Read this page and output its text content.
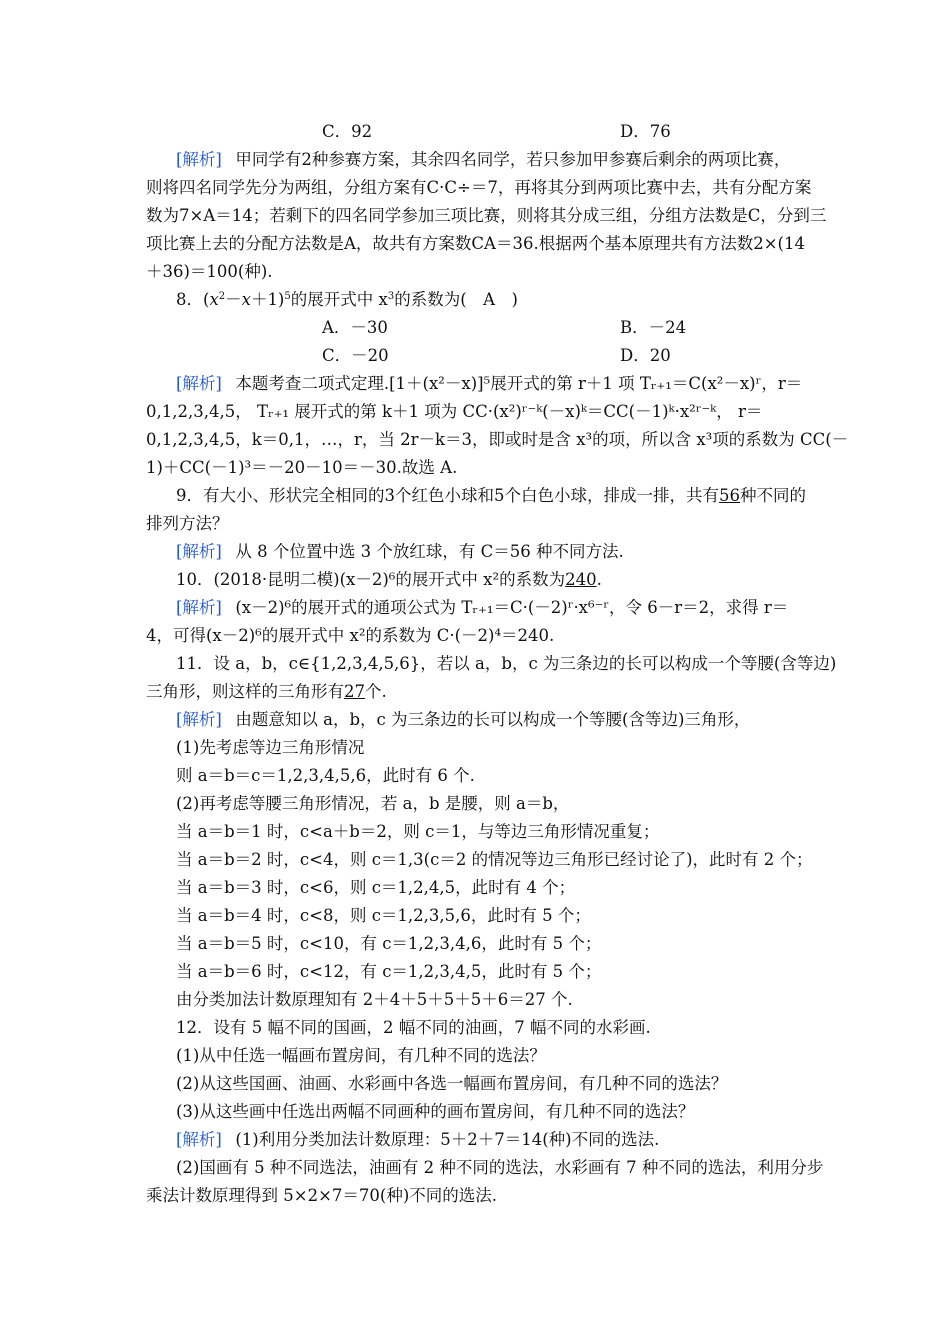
C．92	D．76
[解析]  甲同学有2种参赛方案，其余四名同学，若只参加甲参赛后剩余的两项比赛，
则将四名同学先分为两组，分组方案有C·C÷＝7，再将其分到两项比赛中去，共有分配方案
数为7×A＝14；若剩下的四名同学参加三项比赛，则将其分成三组，分组方法数是C，分到三
项比赛上去的分配方法数是A，故共有方案数CA＝36.根据两个基本原理共有方法数2×(14
＋36)＝100(种).
8．$(x^2-x+1)^5$的展开式中 $x^3$的系数为(　A　)
A．－30	B．－24
C．－20	D．20
[解析]  本题考查二项式定理.[1＋(x²－x)]⁵展开式的第 r＋1 项 Tᵣ₊₁＝C(x²－x)ʳ，r＝
0,1,2,3,4,5， Tᵣ₊₁ 展开式的第 k＋1 项为 CC·(x²)ʳ⁻ᵏ(－x)ᵏ＝CC(－1)ᵏ·x²ʳ⁻ᵏ， r＝
0,1,2,3,4,5，k＝0,1，…，r，当 2r－k＝3，即或时是含 x³的项，所以含 x³项的系数为 CC(－
1)＋CC(－1)³＝－20－10＝－30.故选 A.
9．有大小、形状完全相同的3个红色小球和5个白色小球，排成一排，共有56种不同的
排列方法？
[解析]  从 8 个位置中选 3 个放红球，有 C＝56 种不同方法.
10．(2018·昆明二模)(x－2)⁶的展开式中 x²的系数为240.
[解析]  (x－2)⁶的展开式的通项公式为 Tᵣ₊₁＝C·(－2)ʳ·x⁶⁻ʳ，令 6－r＝2，求得 r＝
4，可得(x－2)⁶的展开式中 x²的系数为 C·(－2)⁴＝240.
11．设 a，b，c∈{1,2,3,4,5,6}，若以 a，b，c 为三条边的长可以构成一个等腰(含等边)
三角形，则这样的三角形有27个.
[解析]  由题意知以 a，b，c 为三条边的长可以构成一个等腰(含等边)三角形，
(1)先考虑等边三角形情况
则 a＝b＝c＝1,2,3,4,5,6，此时有 6 个.
(2)再考虑等腰三角形情况，若 a，b 是腰，则 a＝b，
当 a＝b＝1 时，c<a＋b＝2，则 c＝1，与等边三角形情况重复；
当 a＝b＝2 时，c<4，则 c＝1,3(c＝2 的情况等边三角形已经讨论了)，此时有 2 个；
当 a＝b＝3 时，c<6，则 c＝1,2,4,5，此时有 4 个；
当 a＝b＝4 时，c<8，则 c＝1,2,3,5,6，此时有 5 个；
当 a＝b＝5 时，c<10，有 c＝1,2,3,4,6，此时有 5 个；
当 a＝b＝6 时，c<12，有 c＝1,2,3,4,5，此时有 5 个；
由分类加法计数原理知有 2＋4＋5＋5＋5＋6＝27 个.
12．设有 5 幅不同的国画，2 幅不同的油画，7 幅不同的水彩画.
(1)从中任选一幅画布置房间，有几种不同的选法？
(2)从这些国画、油画、水彩画中各选一幅画布置房间，有几种不同的选法？
(3)从这些画中任选出两幅不同画种的画布置房间，有几种不同的选法？
[解析]  (1)利用分类加法计数原理：5＋2＋7＝14(种)不同的选法.
(2)国画有 5 种不同选法，油画有 2 种不同的选法，水彩画有 7 种不同的选法，利用分步
乘法计数原理得到 5×2×7＝70(种)不同的选法.
